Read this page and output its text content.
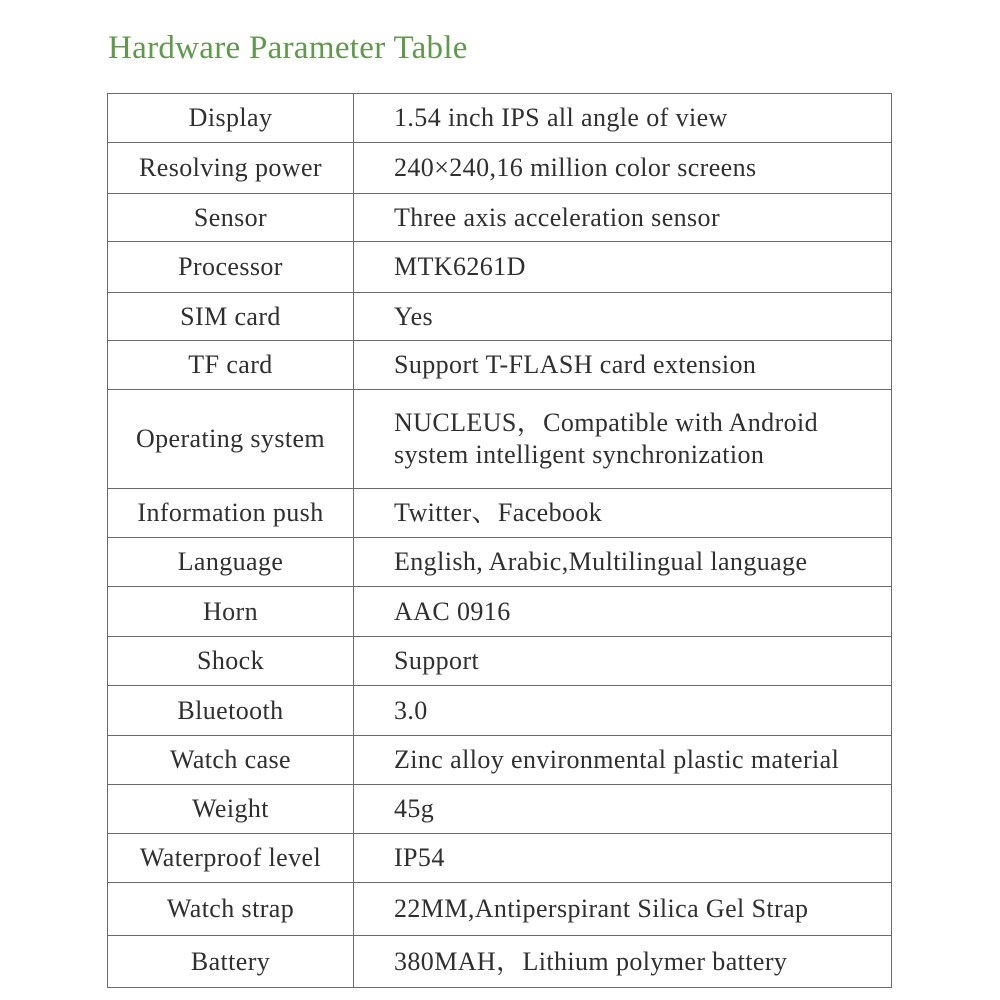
Hardware Parameter Table
Display	1.54 inch IPS all angle of view
Resolving power	240×240,16 million color screens
Sensor	Three axis acceleration sensor
Processor	MTK6261D
SIM card	Yes
TF card	Support T-FLASH card extension
Operating system	NUCLEUS，Compatible with Android
system intelligent synchronization

Information push	Twitter、Facebook
Language	English, Arabic,Multilingual language
Horn	AAC 0916
Shock	Support
Bluetooth	3.0
Watch case	Zinc alloy environmental plastic material
Weight	45g
Waterproof level	IP54
Watch strap	22MM,Antiperspirant Silica Gel Strap
Battery	380MAH，Lithium polymer battery
